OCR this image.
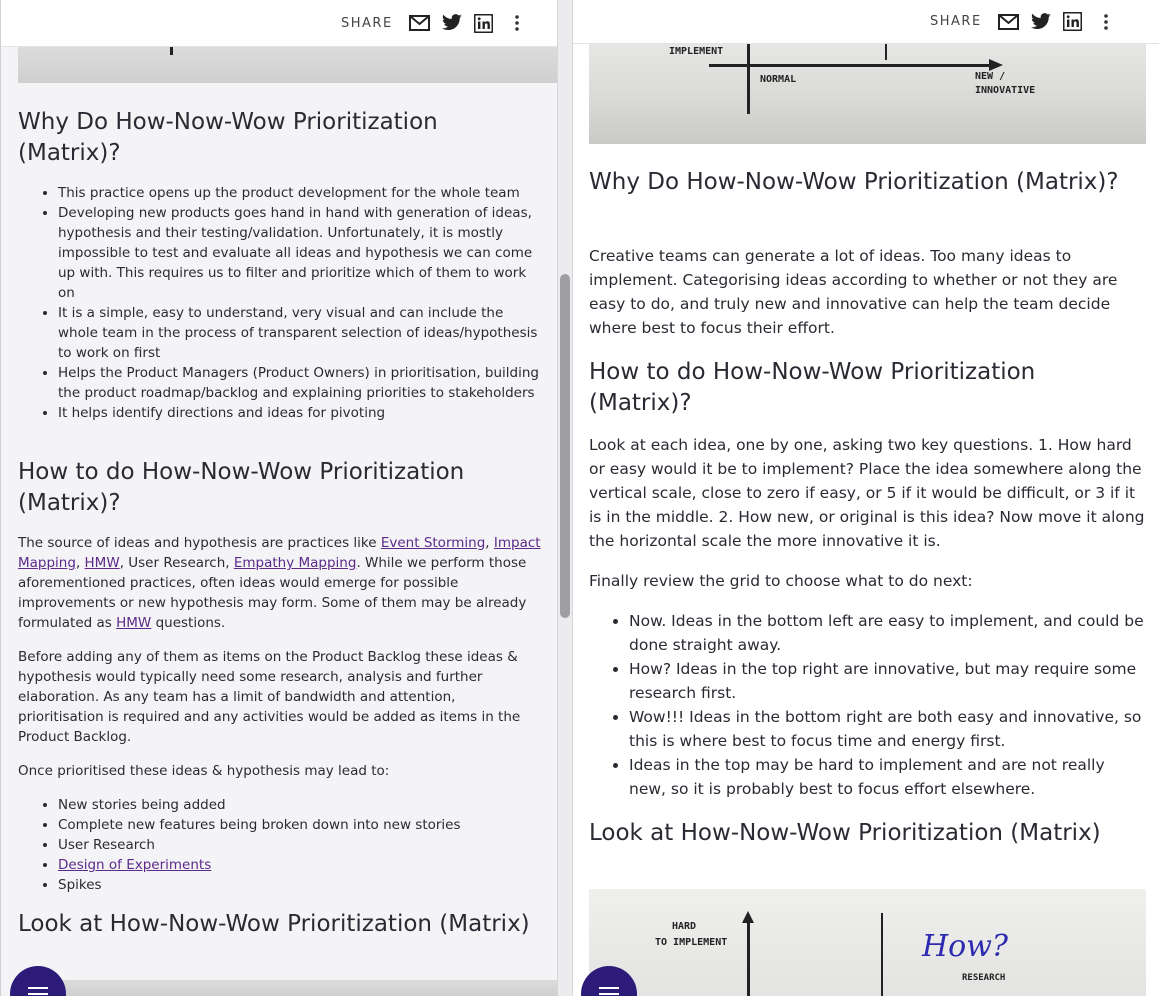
SHARE
Why Do How-Now-Wow Prioritization (Matrix)?
• This practice opens up the product development for the whole team
• Developing new products goes hand in hand with generation of ideas, hypothesis and their testing/validation. Unfortunately, it is mostly impossible to test and evaluate all ideas and hypothesis we can come up with. This requires us to filter and prioritize which of them to work on
• It is a simple, easy to understand, very visual and can include the whole team in the process of transparent selection of ideas/hypothesis to work on first
• Helps the Product Managers (Product Owners) in prioritisation, building the product roadmap/backlog and explaining priorities to stakeholders
• It helps identify directions and ideas for pivoting
How to do How-Now-Wow Prioritization (Matrix)?

The source of ideas and hypothesis are practices like Event Storming, Impact Mapping, HMW, User Research, Empathy Mapping. While we perform those aforementioned practices, often ideas would emerge for possible improvements or new hypothesis may form. Some of them may be already formulated as HMW questions.

Before adding any of them as items on the Product Backlog these ideas & hypothesis would typically need some research, analysis and further elaboration. As any team has a limit of bandwidth and attention, prioritisation is required and any activities would be added as items in the Product Backlog.

Once prioritised these ideas & hypothesis may lead to:

• New stories being added
• Complete new features being broken down into new stories
• User Research
• Design of Experiments
• Spikes
Look at How-Now-Wow Prioritization (Matrix)
SHARE
IMPLEMENT
NORMAL	NEW / INNOVATIVE
Why Do How-Now-Wow Prioritization (Matrix)?

Creative teams can generate a lot of ideas. Too many ideas to implement. Categorising ideas according to whether or not they are easy to do, and truly new and innovative can help the team decide where best to focus their effort.

How to do How-Now-Wow Prioritization (Matrix)?

Look at each idea, one by one, asking two key questions. 1. How hard or easy would it be to implement? Place the idea somewhere along the vertical scale, close to zero if easy, or 5 if it would be difficult, or 3 if it is in the middle. 2. How new, or original is this idea? Now move it along the horizontal scale the more innovative it is.

Finally review the grid to choose what to do next:

• Now. Ideas in the bottom left are easy to implement, and could be done straight away.
• How? Ideas in the top right are innovative, but may require some research first.
• Wow!!! Ideas in the bottom right are both easy and innovative, so this is where best to focus time and energy first.
• Ideas in the top may be hard to implement and are not really new, so it is probably best to focus effort elsewhere.
Look at How-Now-Wow Prioritization (Matrix)
HARD
TO IMPLEMENT	How?
RESEARCH
